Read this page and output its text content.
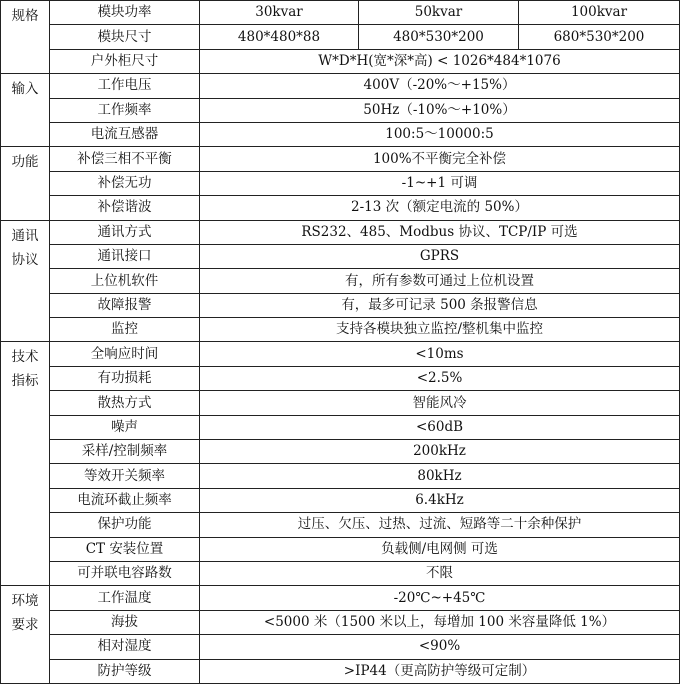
规格	模块功率	30kvar	50kvar	100kvar
	模块尺寸	480*480*88	480*530*200	680*530*200
	户外柜尺寸	W*D*H(宽*深*高) < 1026*484*1076		

输入	工作电压	400V（-20%～+15%）		
	工作频率	50Hz（-10%～+10%）		
	电流互感器	100:5～10000:5		

功能	补偿三相不平衡	100%不平衡完全补偿		
	补偿无功	-1~+1 可调		
	补偿谐波	2-13 次（额定电流的 50%）		

通讯协议	通讯方式	RS232、485、Modbus 协议、TCP/IP 可选		
	通讯接口	GPRS		
	上位机软件	有，所有参数可通过上位机设置		
	故障报警	有，最多可记录 500 条报警信息		
	监控	支持各模块独立监控/整机集中监控		

技术指标	全响应时间	<10ms		
	有功损耗	<2.5%		
	散热方式	智能风冷		
	噪声	<60dB		
	采样/控制频率	200kHz		
	等效开关频率	80kHz		
	电流环截止频率	6.4kHz		
	保护功能	过压、欠压、过热、过流、短路等二十余种保护		
	CT 安装位置	负载侧/电网侧 可选		
	可并联电容路数	不限		

环境要求	工作温度	-20℃~+45℃		
	海拔	<5000 米（1500 米以上，每增加 100 米容量降低 1%）		
	相对湿度	<90%		
	防护等级	>IP44（更高防护等级可定制）		
